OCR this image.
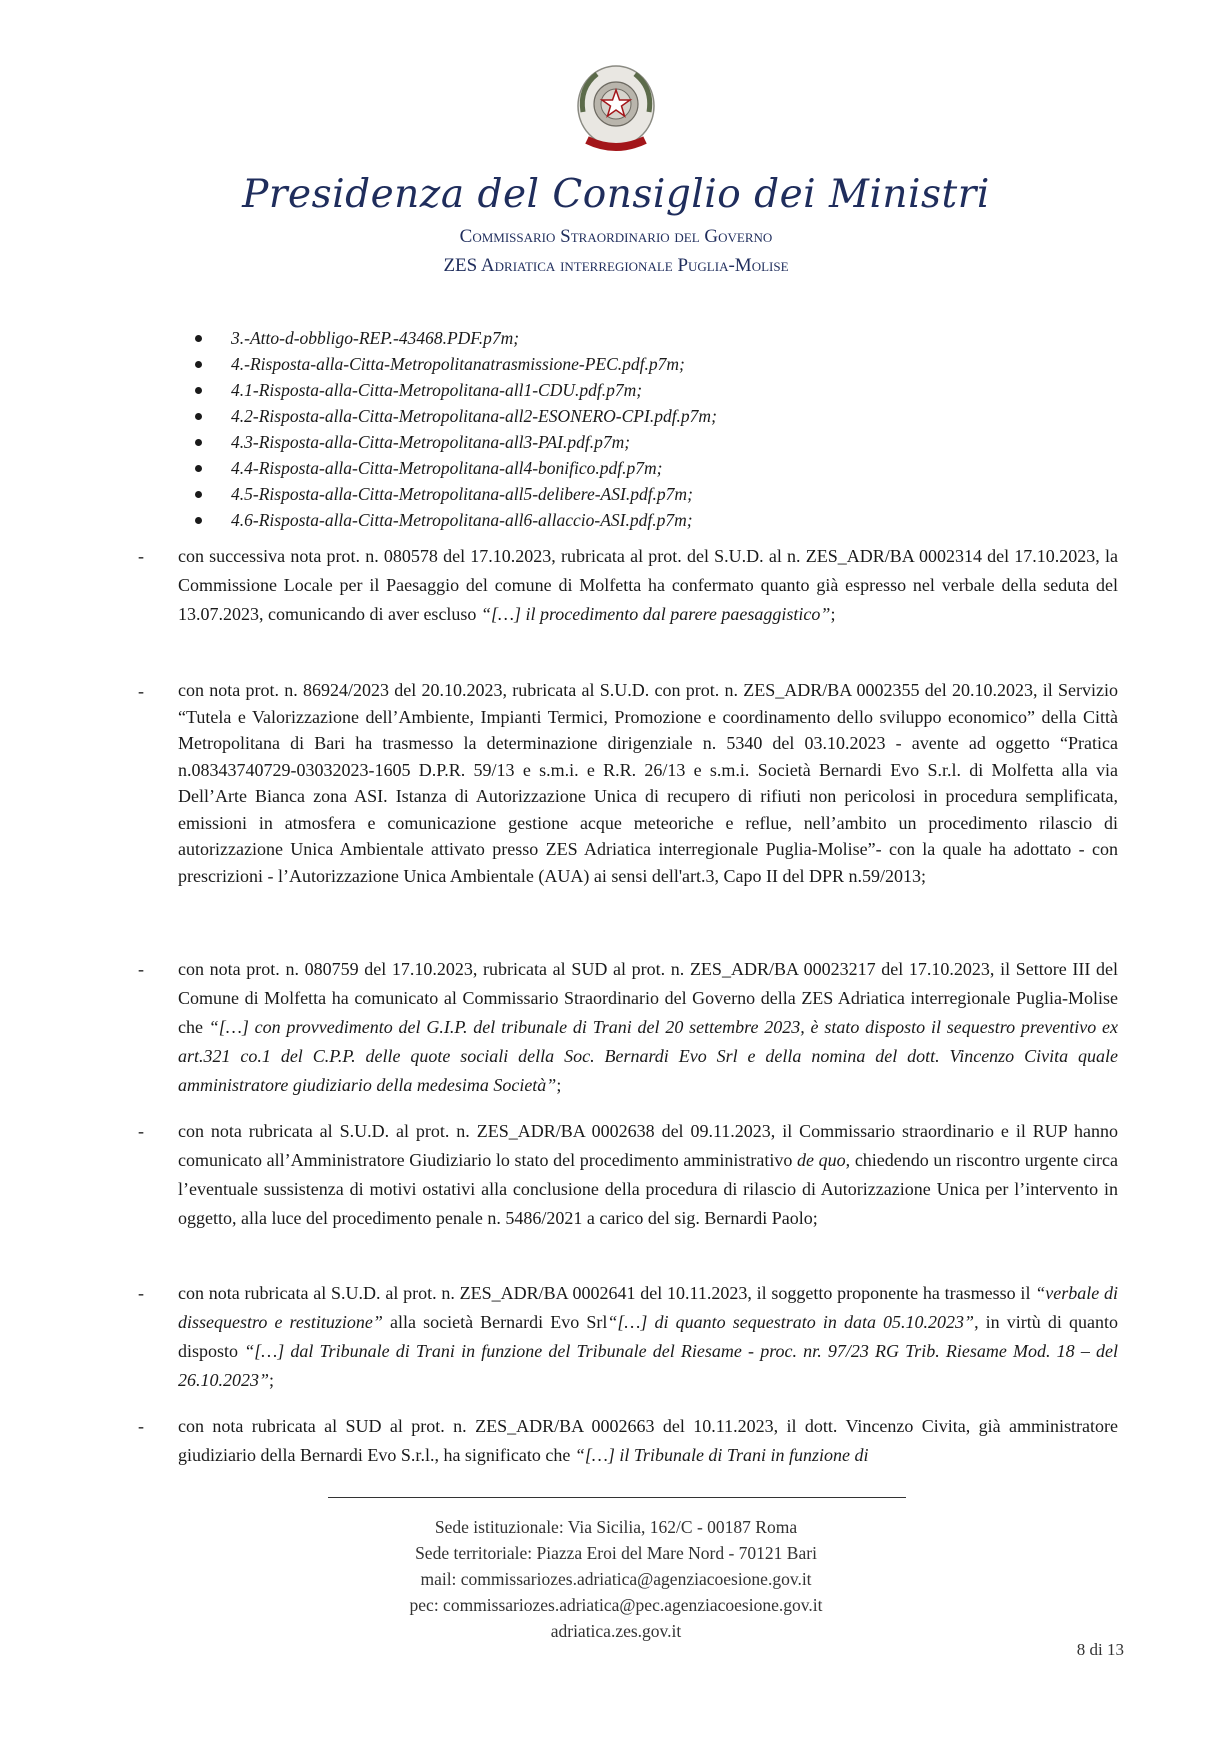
Presidenza del Consiglio dei Ministri
Commissario Straordinario del Governo
ZES Adriatica interregionale Puglia-Molise
3.-Atto-d-obbligo-REP.-43468.PDF.p7m;
4.-Risposta-alla-Citta-Metropolitanatrasmissione-PEC.pdf.p7m;
4.1-Risposta-alla-Citta-Metropolitana-all1-CDU.pdf.p7m;
4.2-Risposta-alla-Citta-Metropolitana-all2-ESONERO-CPI.pdf.p7m;
4.3-Risposta-alla-Citta-Metropolitana-all3-PAI.pdf.p7m;
4.4-Risposta-alla-Citta-Metropolitana-all4-bonifico.pdf.p7m;
4.5-Risposta-alla-Citta-Metropolitana-all5-delibere-ASI.pdf.p7m;
4.6-Risposta-alla-Citta-Metropolitana-all6-allaccio-ASI.pdf.p7m;
- con successiva nota prot. n. 080578 del 17.10.2023, rubricata al prot. del S.U.D. al n. ZES_ADR/BA 0002314 del 17.10.2023, la Commissione Locale per il Paesaggio del comune di Molfetta ha confermato quanto già espresso nel verbale della seduta del 13.07.2023, comunicando di aver escluso “[…] il procedimento dal parere paesaggistico”;
- con nota prot. n. 86924/2023 del 20.10.2023, rubricata al S.U.D. con prot. n. ZES_ADR/BA 0002355 del 20.10.2023, il Servizio “Tutela e Valorizzazione dell’Ambiente, Impianti Termici, Promozione e coordinamento dello sviluppo economico” della Città Metropolitana di Bari ha trasmesso la determinazione dirigenziale n. 5340 del 03.10.2023 - avente ad oggetto “Pratica n.08343740729-03032023-1605 D.P.R. 59/13 e s.m.i. e R.R. 26/13 e s.m.i. Società Bernardi Evo S.r.l. di Molfetta alla via Dell’Arte Bianca zona ASI. Istanza di Autorizzazione Unica di recupero di rifiuti non pericolosi in procedura semplificata, emissioni in atmosfera e comunicazione gestione acque meteoriche e reflue, nell’ambito un procedimento rilascio di autorizzazione Unica Ambientale attivato presso ZES Adriatica interregionale Puglia-Molise”- con la quale ha adottato - con prescrizioni - l’Autorizzazione Unica Ambientale (AUA) ai sensi dell'art.3, Capo II del DPR n.59/2013;
- con nota prot. n. 080759 del 17.10.2023, rubricata al SUD al prot. n. ZES_ADR/BA 00023217 del 17.10.2023, il Settore III del Comune di Molfetta ha comunicato al Commissario Straordinario del Governo della ZES Adriatica interregionale Puglia-Molise che “[…] con provvedimento del G.I.P. del tribunale di Trani del 20 settembre 2023, è stato disposto il sequestro preventivo ex art.321 co.1 del C.P.P. delle quote sociali della Soc. Bernardi Evo Srl e della nomina del dott. Vincenzo Civita quale amministratore giudiziario della medesima Società”;
- con nota rubricata al S.U.D. al prot. n. ZES_ADR/BA 0002638 del 09.11.2023, il Commissario straordinario e il RUP hanno comunicato all’Amministratore Giudiziario lo stato del procedimento amministrativo de quo, chiedendo un riscontro urgente circa l’eventuale sussistenza di motivi ostativi alla conclusione della procedura di rilascio di Autorizzazione Unica per l’intervento in oggetto, alla luce del procedimento penale n. 5486/2021 a carico del sig. Bernardi Paolo;
- con nota rubricata al S.U.D. al prot. n. ZES_ADR/BA 0002641 del 10.11.2023, il soggetto proponente ha trasmesso il “verbale di dissequestro e restituzione” alla società Bernardi Evo Srl“[…] di quanto sequestrato in data 05.10.2023”, in virtù di quanto disposto “[…] dal Tribunale di Trani in funzione del Tribunale del Riesame - proc. nr. 97/23 RG Trib. Riesame Mod. 18 – del 26.10.2023”;
- con nota rubricata al SUD al prot. n. ZES_ADR/BA 0002663 del 10.11.2023, il dott. Vincenzo Civita, già amministratore giudiziario della Bernardi Evo S.r.l., ha significato che “[…] il Tribunale di Trani in funzione di
Sede istituzionale: Via Sicilia, 162/C - 00187 Roma
Sede territoriale: Piazza Eroi del Mare Nord - 70121 Bari
mail: commissariozes.adriatica@agenziacoesione.gov.it
pec: commissariozes.adriatica@pec.agenziacoesione.gov.it
adriatica.zes.gov.it
8 di 13
